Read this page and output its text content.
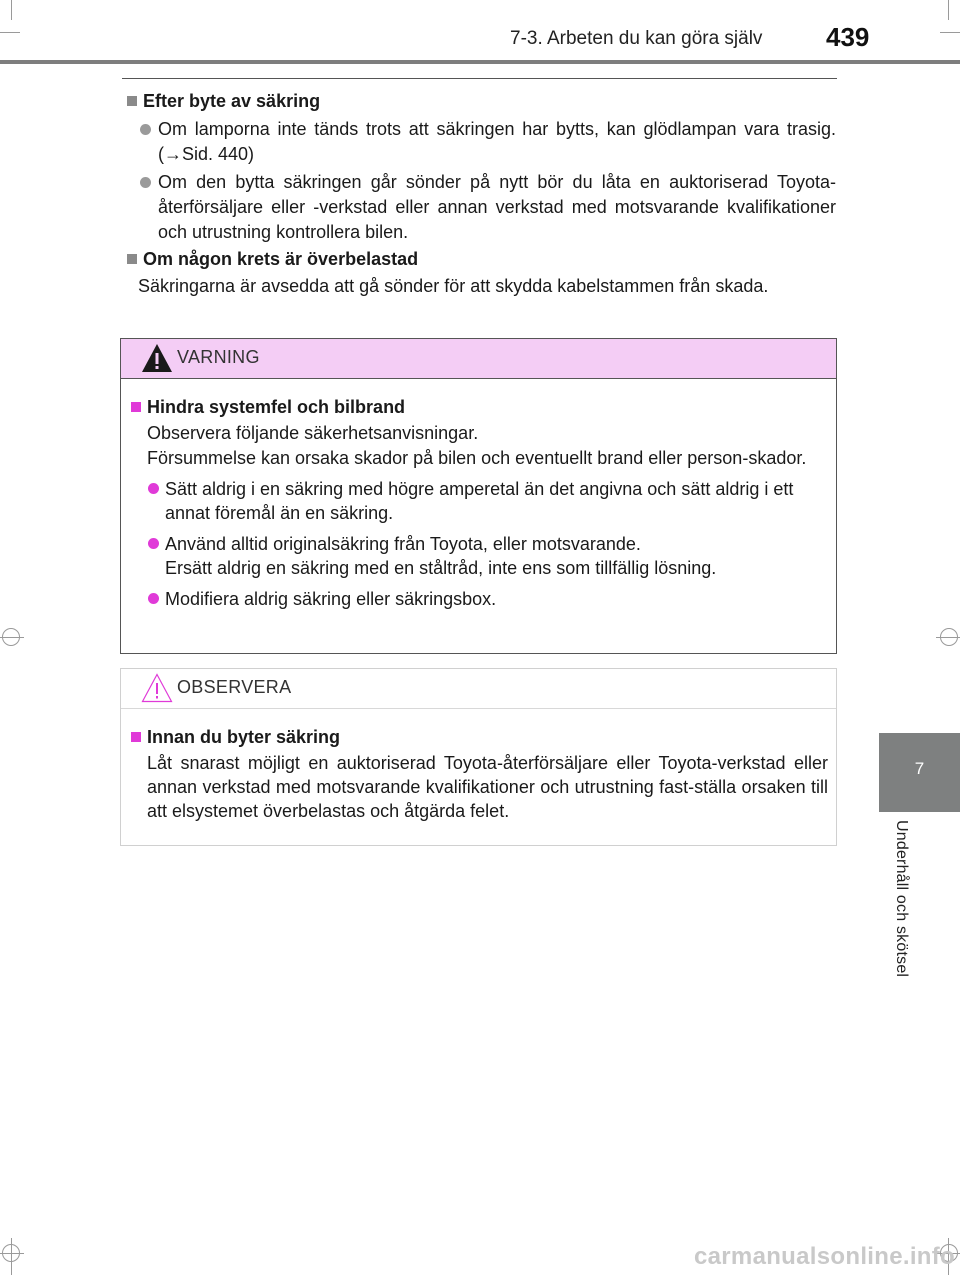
7-3. Arbeten du kan göra själv 439
7
Underhåll och skötsel
Efter byte av säkring
Om lamporna inte tänds trots att säkringen har bytts, kan glödlampan vara trasig. (→Sid. 440)
Om den bytta säkringen går sönder på nytt bör du låta en auktoriserad Toyota-återförsäljare eller -verkstad eller annan verkstad med motsvarande kvalifikationer och utrustning kontrollera bilen.
Om någon krets är överbelastad
Säkringarna är avsedda att gå sönder för att skydda kabelstammen från skada.
VARNING
Hindra systemfel och bilbrand
Observera följande säkerhetsanvisningar.
Försummelse kan orsaka skador på bilen och eventuellt brand eller person-skador.
Sätt aldrig i en säkring med högre amperetal än det angivna och sätt aldrig i ett annat föremål än en säkring.
Använd alltid originalsäkring från Toyota, eller motsvarande.
Ersätt aldrig en säkring med en ståltråd, inte ens som tillfällig lösning.
Modifiera aldrig säkring eller säkringsbox.
OBSERVERA
Innan du byter säkring
Låt snarast möjligt en auktoriserad Toyota-återförsäljare eller Toyota-verkstad eller annan verkstad med motsvarande kvalifikationer och utrustning fast-ställa orsaken till att elsystemet överbelastas och åtgärda felet.
carmanualsonline.info
